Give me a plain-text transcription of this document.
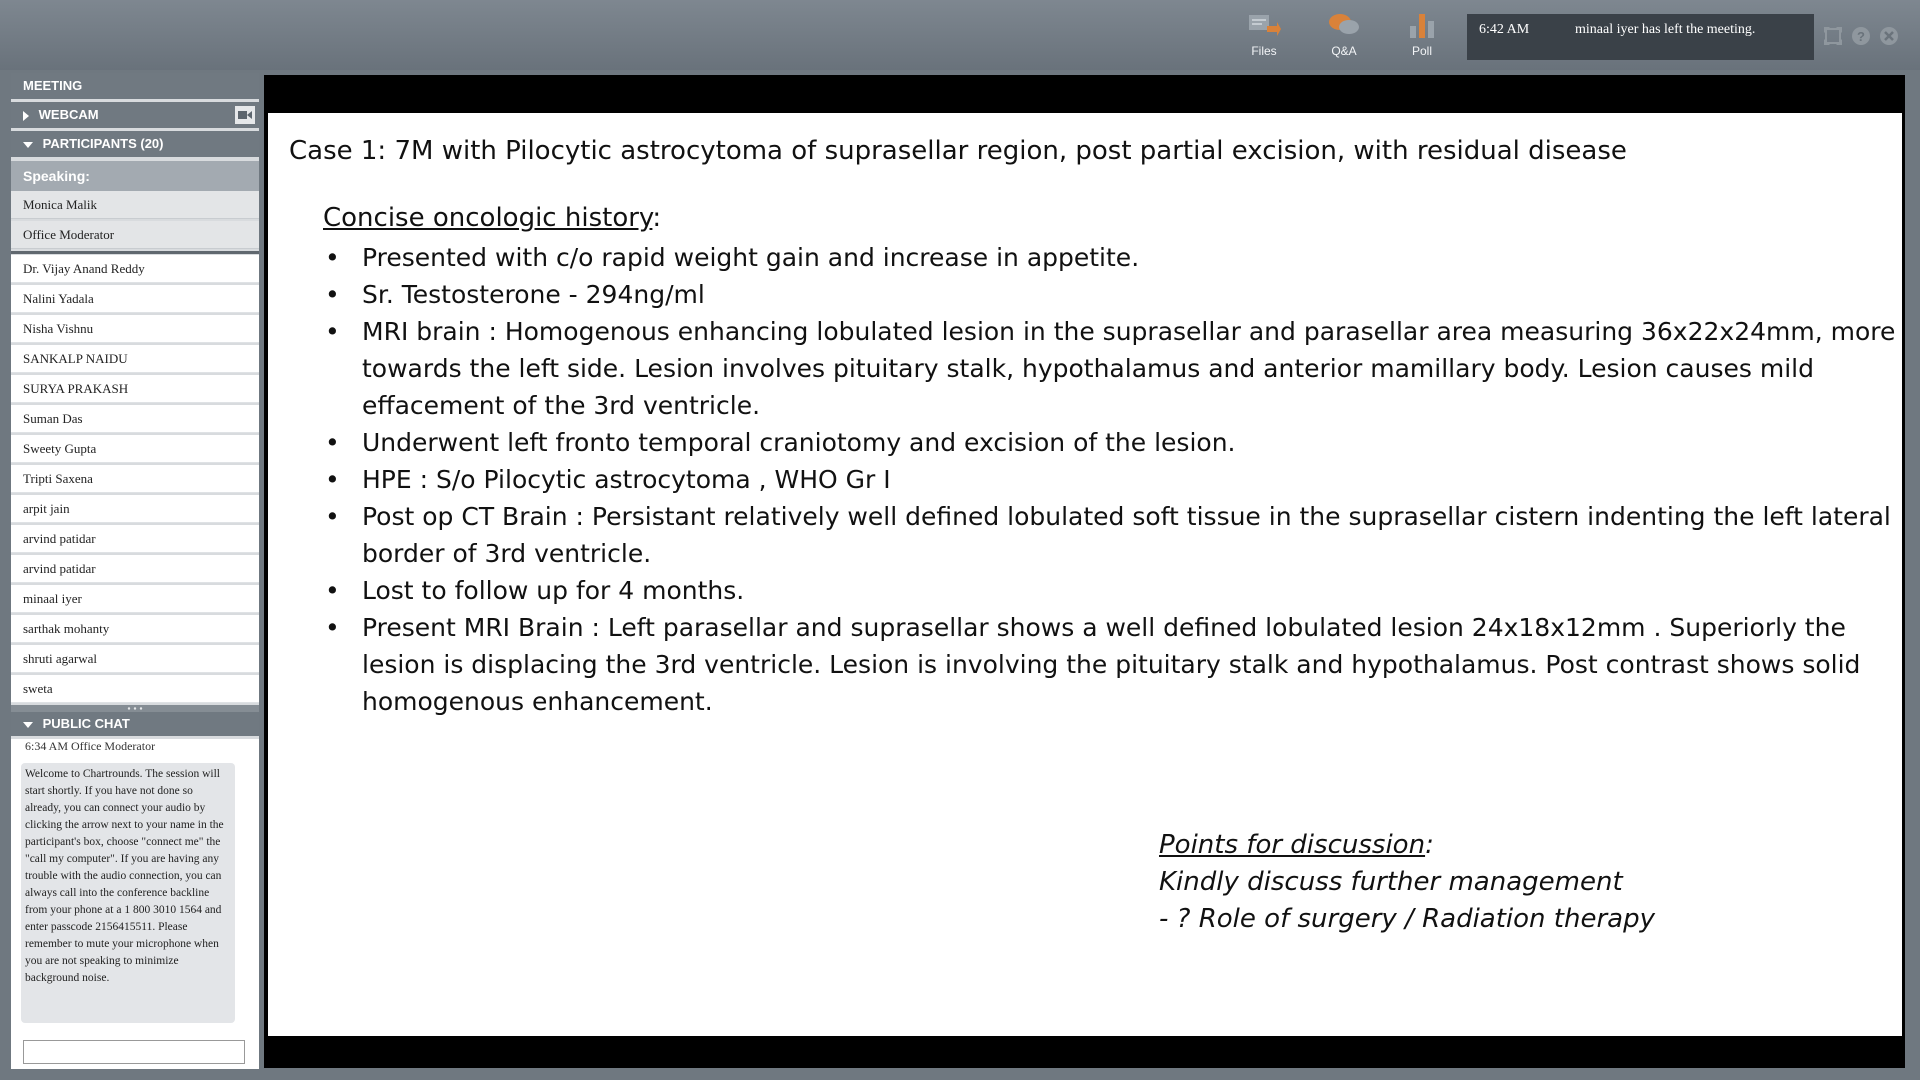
Files	Q&A	Poll
6:42 AM	minaal iyer has left the meeting.	?
MEETING
WEBCAM
PARTICIPANTS (20)
Speaking:
Monica Malik
Office Moderator
Dr. Vijay Anand Reddy
Nalini Yadala
Nisha Vishnu
SANKALP NAIDU
SURYA PRAKASH
Suman Das
Sweety Gupta
Tripti Saxena
arpit jain
arvind patidar
arvind patidar
minaal iyer
sarthak mohanty
shruti agarwal
sweta
PUBLIC CHAT
6:34 AM Office Moderator
Welcome to Chartrounds. The session will start shortly. If you have not done so already, you can connect your audio by clicking the arrow next to your name in the participant's box, choose "connect me" the "call my computer". If you are having any trouble with the audio connection, you can always call into the conference backline from your phone at a 1 800 3010 1564 and enter passcode 2156415511. Please remember to mute your microphone when you are not speaking to minimize background noise.
Case 1: 7M with Pilocytic astrocytoma of suprasellar region, post partial excision, with residual disease
Concise oncologic history:
• Presented with c/o rapid weight gain and increase in appetite.
• Sr. Testosterone - 294ng/ml
• MRI brain : Homogenous enhancing lobulated lesion in the suprasellar and parasellar area measuring 36x22x24mm, more towards the left side. Lesion involves pituitary stalk, hypothalamus and anterior mamillary body. Lesion causes mild effacement of the 3rd ventricle.
• Underwent left fronto temporal craniotomy and excision of the lesion.
• HPE : S/o Pilocytic astrocytoma , WHO Gr I
• Post op CT Brain : Persistant relatively well defined lobulated soft tissue in the suprasellar cistern indenting the left lateral border of 3rd ventricle.
• Lost to follow up for 4 months.
• Present MRI Brain : Left parasellar and suprasellar shows a well defined lobulated lesion 24x18x12mm . Superiorly the lesion is displacing the 3rd ventricle. Lesion is involving the pituitary stalk and hypothalamus. Post contrast shows solid homogenous enhancement.
Points for discussion:
Kindly discuss further management
- ? Role of surgery / Radiation therapy
